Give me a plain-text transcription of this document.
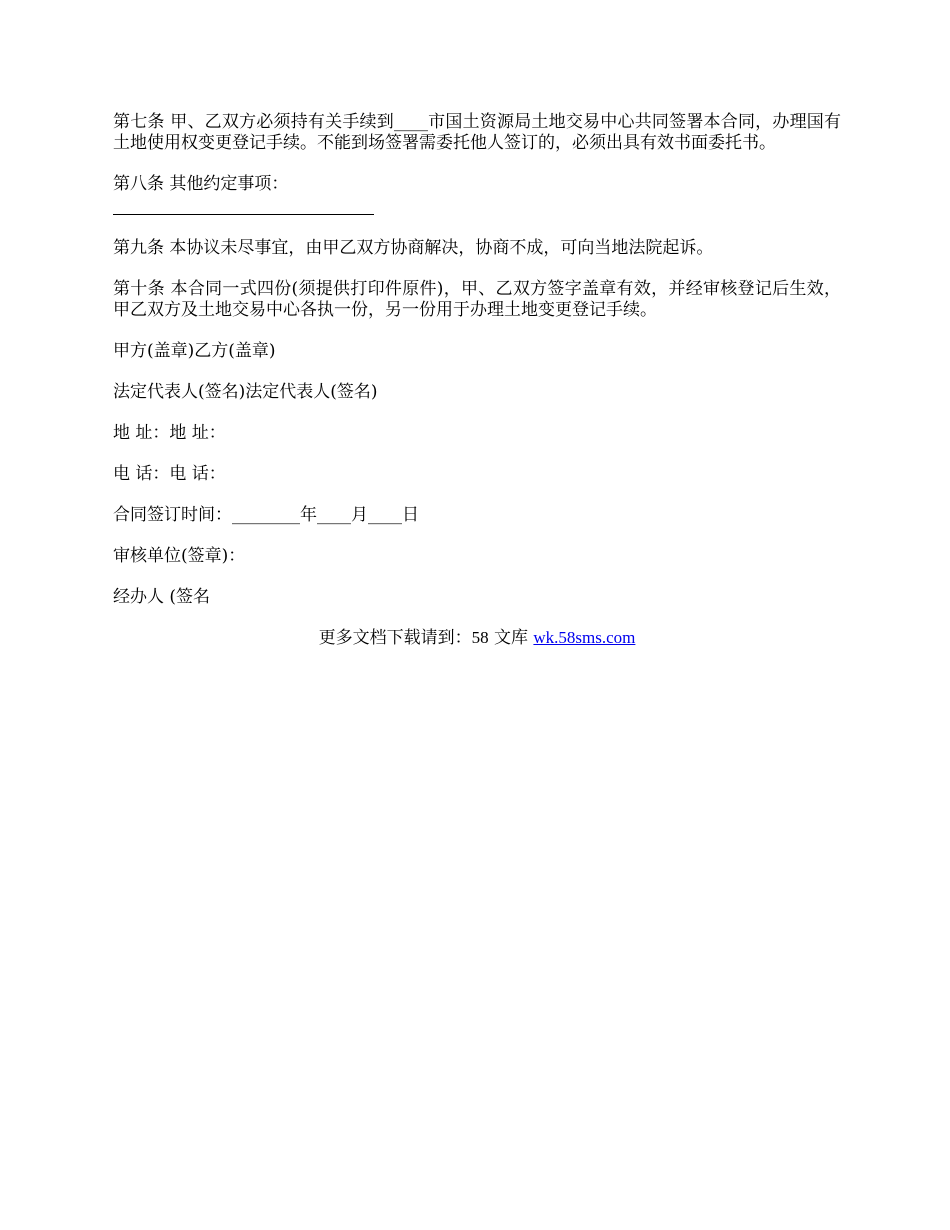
第七条 甲、乙双方必须持有关手续到____市国土资源局土地交易中心共同签署本合同，办理国有土地使用权变更登记手续。不能到场签署需委托他人签订的，必须出具有效书面委托书。

第八条 其他约定事项：

第九条 本协议未尽事宜，由甲乙双方协商解决，协商不成，可向当地法院起诉。

第十条 本合同一式四份(须提供打印件原件)，甲、乙双方签字盖章有效，并经审核登记后生效，甲乙双方及土地交易中心各执一份，另一份用于办理土地变更登记手续。

甲方(盖章)乙方(盖章)

法定代表人(签名)法定代表人(签名)

地 址：地 址：

电 话：电 话：

合同签订时间：________年____月____日

审核单位(签章)：

经办人 (签名

更多文档下载请到：58 文库 wk.58sms.com
